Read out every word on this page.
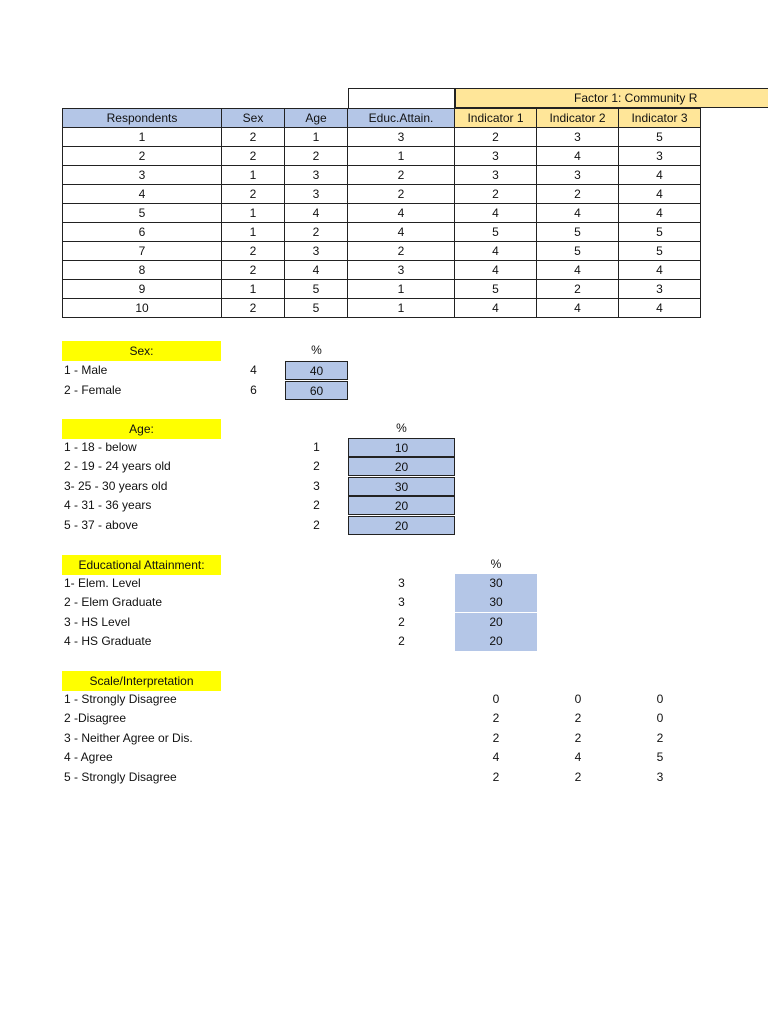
Factor 1: Community R
Respondents	Sex	Age	Educ.Attain.	Indicator 1	Indicator 2	Indicator 3
1	2	1	3	2	3	5
2	2	2	1	3	4	3
3	1	3	2	3	3	4
4	2	3	2	2	2	4
5	1	4	4	4	4	4
6	1	2	4	5	5	5
7	2	3	2	4	5	5
8	2	4	3	4	4	4
9	1	5	1	5	2	3
10	2	5	1	4	4	4
Sex:	%
1 - Male	4	40
2 - Female	6	60
Age:	%
1 - 18 - below	1	10
2 - 19 - 24 years old	2	20
3- 25 - 30 years old	3	30
4 - 31 - 36 years	2	20
5 - 37 - above	2	20
Educational Attainment:	%
1- Elem. Level	3	30
2 - Elem Graduate	3	30
3 - HS Level	2	20
4 - HS Graduate	2	20
Scale/Interpretation
1 - Strongly Disagree	0	0	0
2 -Disagree	2	2	0
3 - Neither Agree or Dis.	2	2	2
4 - Agree	4	4	5
5 - Strongly Disagree	2	2	3
